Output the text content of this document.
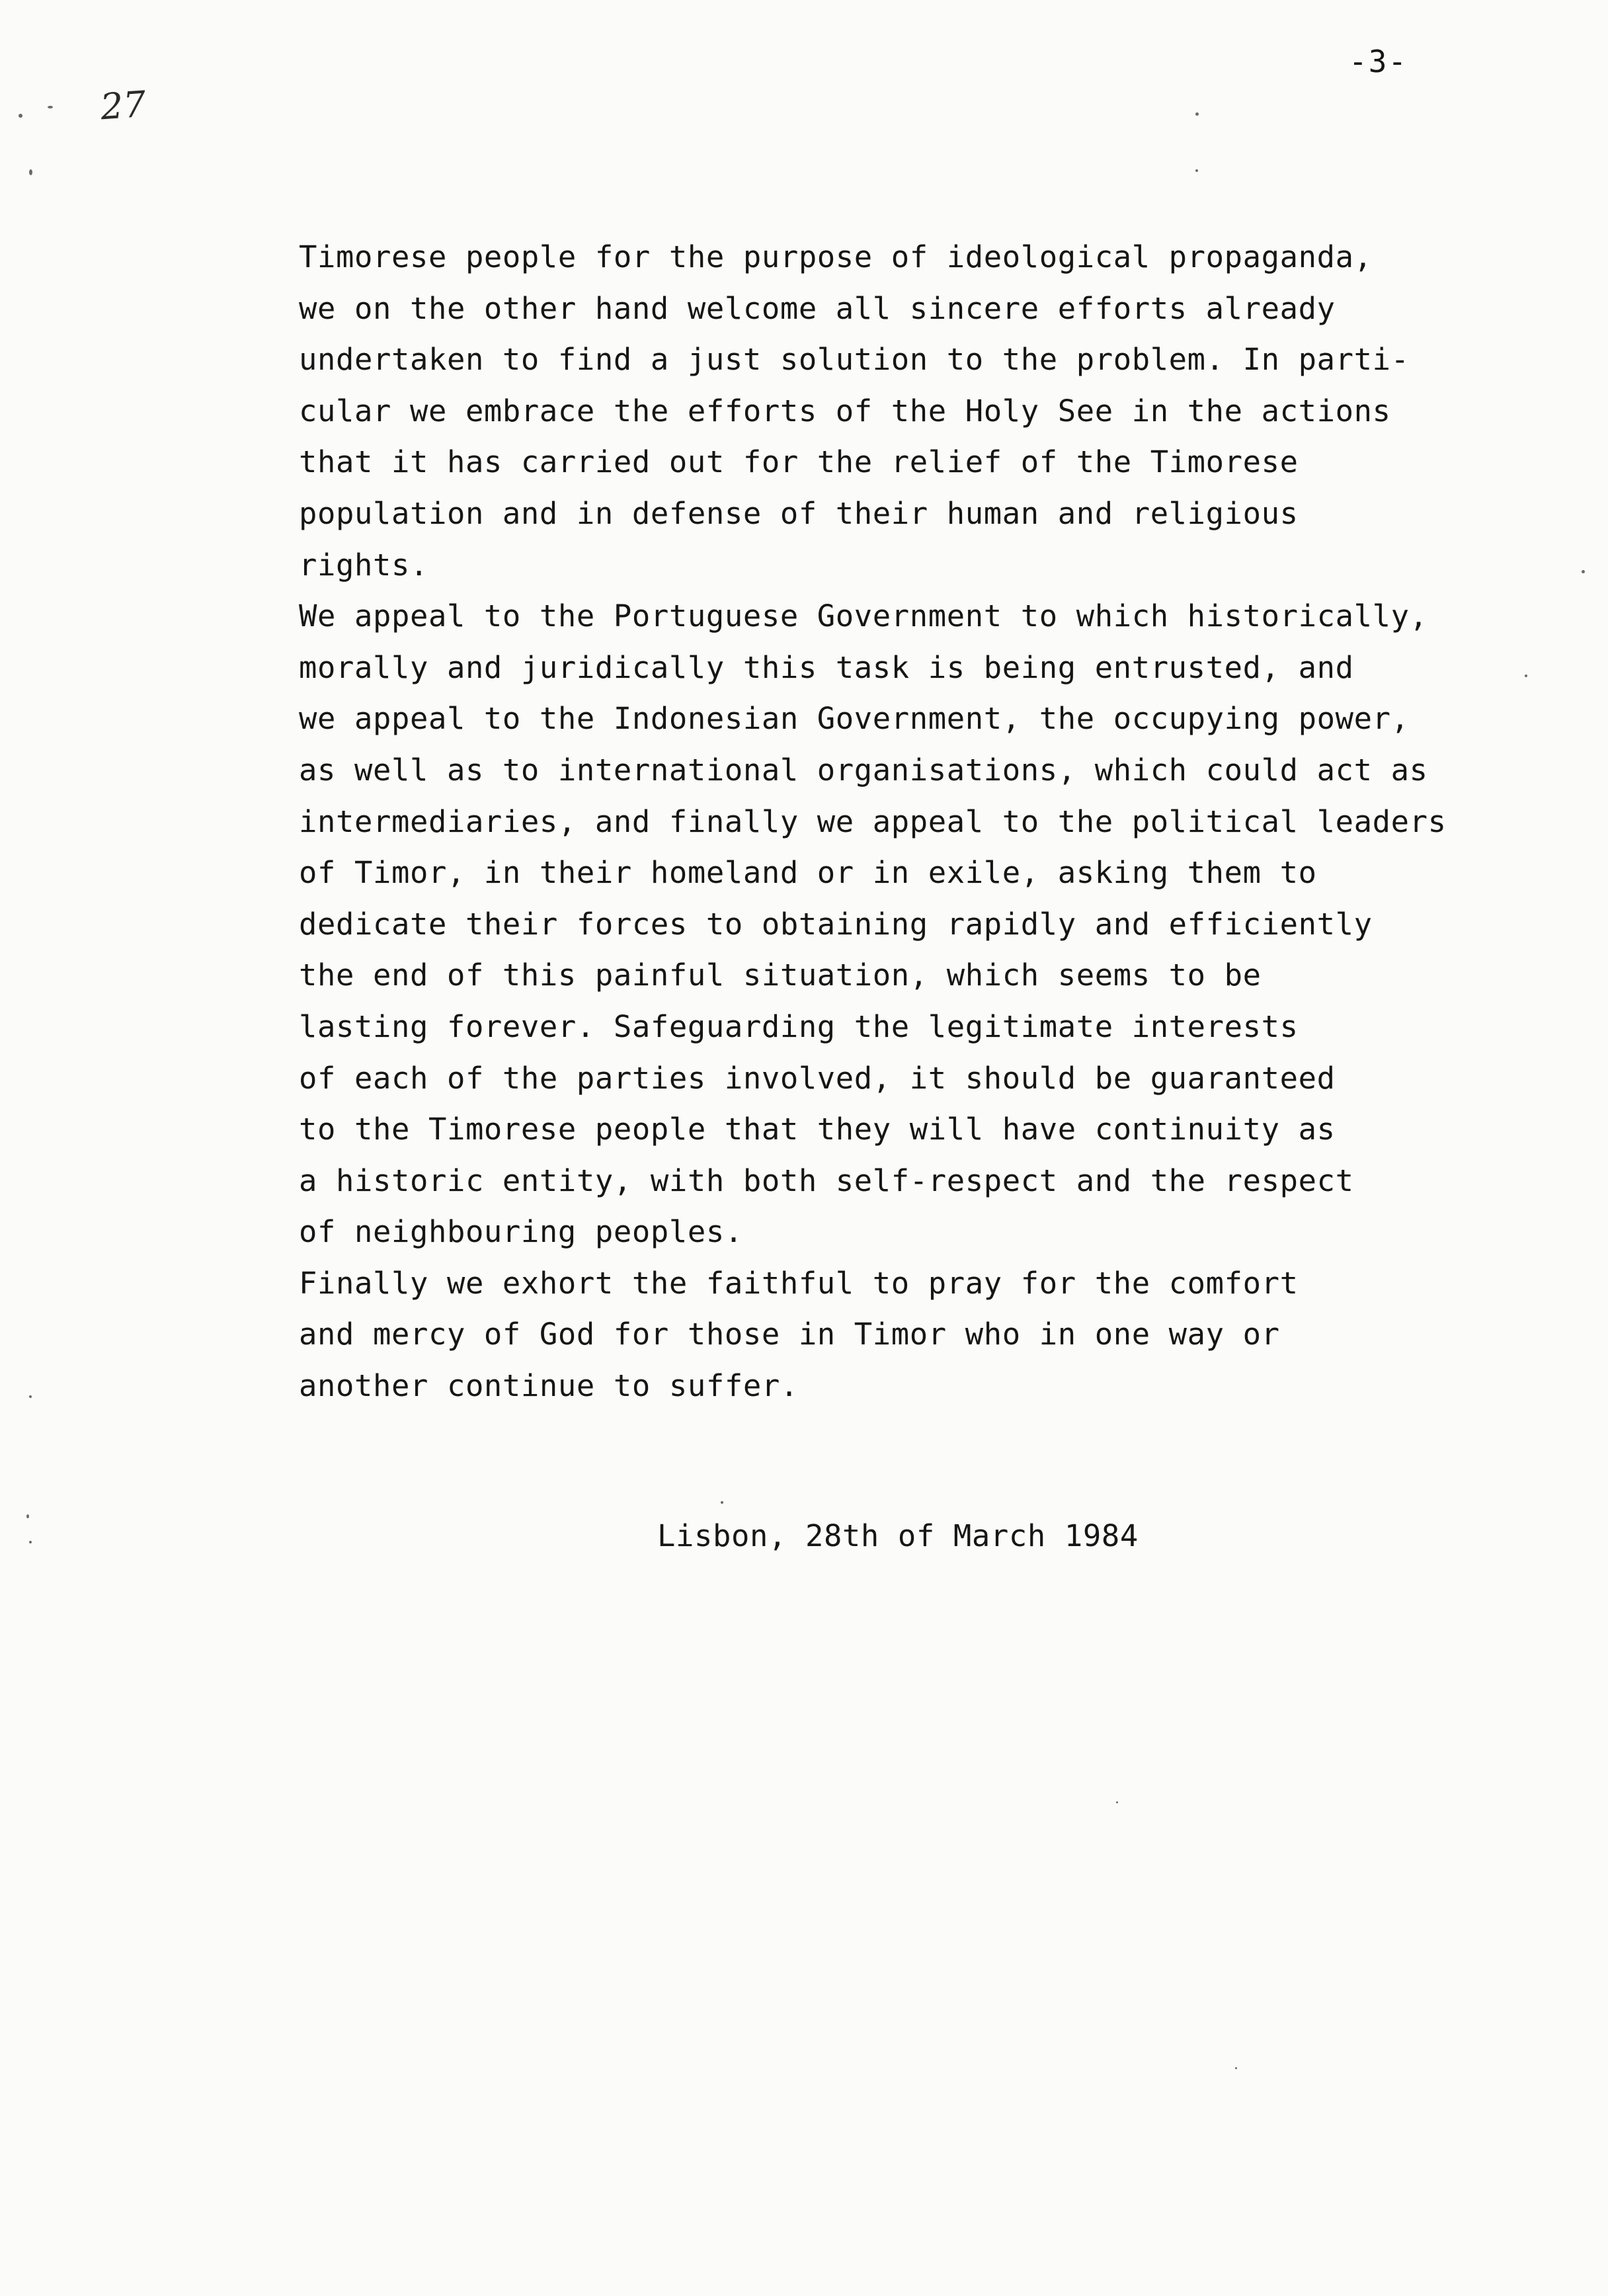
-3-
27
Timorese people for the purpose of ideological propaganda,
we on the other hand welcome all sincere efforts already
undertaken to find a just solution to the problem. In parti-
cular we embrace the efforts of the Holy See in the actions
that it has carried out for the relief of the Timorese
population and in defense of their human and religious
rights.
We appeal to the Portuguese Government to which historically,
morally and juridically this task is being entrusted, and
we appeal to the Indonesian Government, the occupying power,
as well as to international organisations, which could act as
intermediaries, and finally we appeal to the political leaders
of Timor, in their homeland or in exile, asking them to
dedicate their forces to obtaining rapidly and efficiently
the end of this painful situation, which seems to be
lasting forever. Safeguarding the legitimate interests
of each of the parties involved, it should be guaranteed
to the Timorese people that they will have continuity as
a historic entity, with both self-respect and the respect
of neighbouring peoples.
Finally we exhort the faithful to pray for the comfort
and mercy of God for those in Timor who in one way or
another continue to suffer.
Lisbon, 28th of March 1984
